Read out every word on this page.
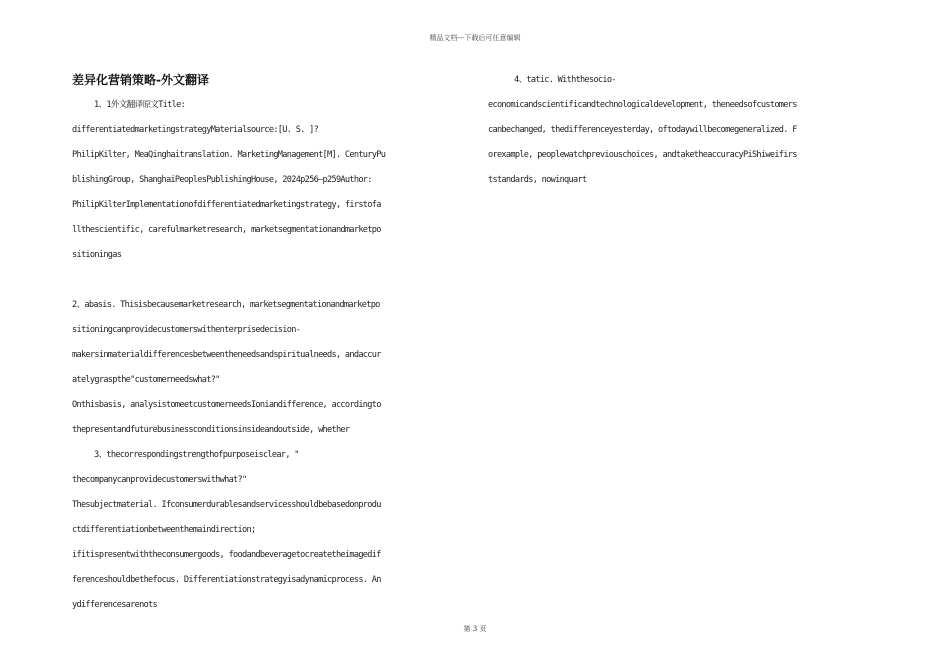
精品文档---下载后可任意编辑
差异化营销策略-外文翻译
1、1外文翻译原文Title:
differentiatedmarketingstrategyMaterialsource:[U. S. ]?
PhilipKilter, MeaQinghaitranslation. MarketingManagement[M]. CenturyPu
blishingGroup, ShanghaiPeoplesPublishingHouse, 2024p256—p259Author:
PhilipKilterImplementationofdifferentiatedmarketingstrategy, firstofa
llthescientific, carefulmarketresearch, marketsegmentationandmarketpo
sitioningas
2、abasis. Thisisbecausemarketresearch, marketsegmentationandmarketpo
sitioningcanprovidecustomerswithenterprisedecision-
makersinmaterialdifferencesbetweentheneedsandspiritualneeds, andaccur
atelygraspthe"customerneedswhat?"
Onthisbasis, analysistomeetcustomerneedsIoniandifference, accordingto
thepresentandfuturebusinessconditionsinsideandoutside, whether
3、thecorrespondingstrengthofpurposeisclear, "
thecompanycanprovidecustomerswithwhat?"
Thesubjectmaterial. Ifconsumerdurablesandservicesshouldbebasedonprodu
ctdifferentiationbetweenthemaindirection;
ifitispresentwiththeconsumergoods, foodandbeveragetocreatetheimagedif
ferenceshouldbethefocus. Differentiationstrategyisadynamicprocess. An
ydifferencesarenots
4、tatic. Withthesocio-
economicandscientificandtechnologicaldevelopment, theneedsofcustomers
canbechanged, thedifferenceyesterday, oftodaywillbecomegeneralized. F
orexample, peoplewatchpreviouschoices, andtaketheaccuracyPiShiweifirs
tstandards, nowinquart
第 3 页
